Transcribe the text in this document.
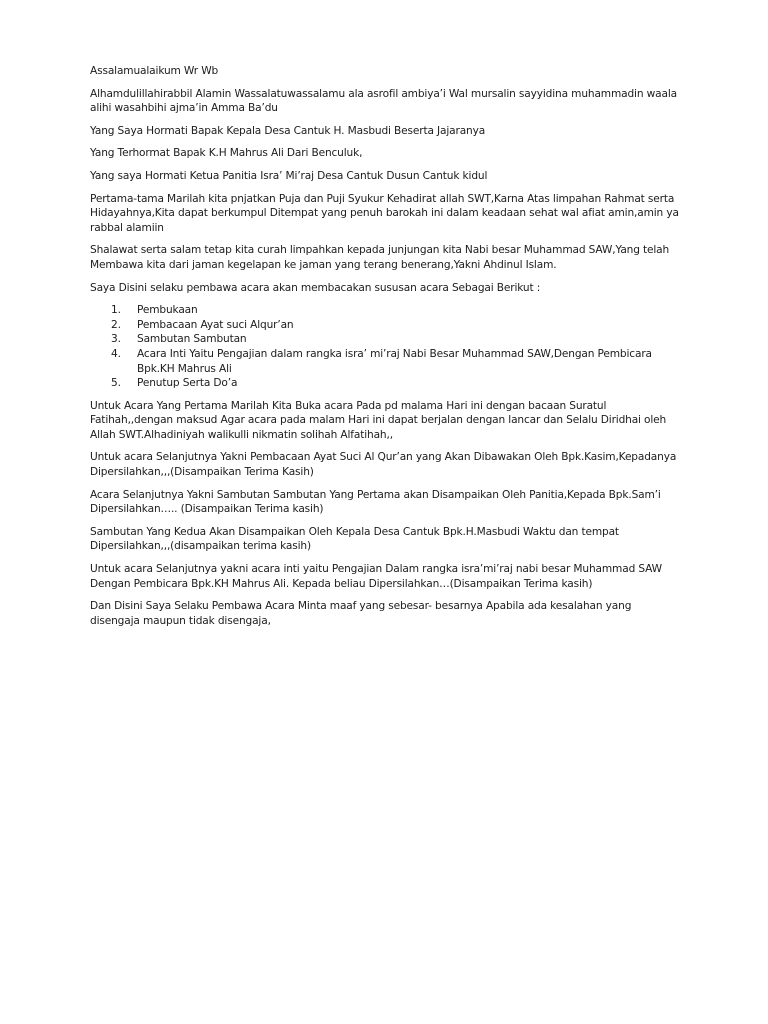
Assalamualaikum Wr Wb

Alhamdulillahirabbil Alamin Wassalatuwassalamu ala asrofil ambiya’i Wal mursalin sayyidina muhammadin waala alihi wasahbihi ajma’in Amma Ba’du

Yang Saya Hormati Bapak Kepala Desa Cantuk H. Masbudi Beserta Jajaranya

Yang Terhormat Bapak K.H Mahrus Ali Dari Benculuk,

Yang saya Hormati Ketua Panitia Isra’ Mi’raj Desa Cantuk Dusun Cantuk kidul

Pertama-tama Marilah kita pnjatkan Puja dan Puji Syukur Kehadirat allah SWT,Karna Atas limpahan Rahmat serta Hidayahnya,Kita dapat berkumpul Ditempat yang penuh barokah ini dalam keadaan sehat wal afiat amin,amin ya rabbal alamiin

Shalawat serta salam tetap kita curah limpahkan kepada junjungan kita Nabi besar Muhammad SAW,Yang telah Membawa kita dari jaman kegelapan ke jaman yang terang benerang,Yakni Ahdinul Islam.

Saya Disini selaku pembawa acara akan membacakan sususan acara Sebagai Berikut :

1.	Pembukaan
2.	Pembacaan Ayat suci Alqur’an
3.	Sambutan Sambutan
4.	Acara Inti Yaitu Pengajian dalam rangka isra’ mi’raj Nabi Besar Muhammad SAW,Dengan Pembicara Bpk.KH Mahrus Ali
5.	Penutup Serta Do’a

Untuk Acara Yang Pertama Marilah Kita Buka acara Pada pd malama Hari ini dengan bacaan Suratul Fatihah,,dengan maksud Agar acara pada malam Hari ini dapat berjalan dengan lancar dan Selalu Diridhai oleh Allah SWT.Alhadiniyah walikulli nikmatin solihah Alfatihah,,

Untuk acara Selanjutnya Yakni Pembacaan Ayat Suci Al Qur’an yang Akan Dibawakan Oleh Bpk.Kasim,Kepadanya Dipersilahkan,,,(Disampaikan Terima Kasih)

Acara Selanjutnya Yakni Sambutan Sambutan Yang Pertama akan Disampaikan Oleh Panitia,Kepada Bpk.Sam’i Dipersilahkan….. (Disampaikan Terima kasih)

Sambutan Yang Kedua Akan Disampaikan Oleh Kepala Desa Cantuk Bpk.H.Masbudi Waktu dan tempat Dipersilahkan,,,(disampaikan terima kasih)

Untuk acara Selanjutnya yakni acara inti yaitu Pengajian Dalam rangka isra’mi’raj nabi besar Muhammad SAW Dengan Pembicara Bpk.KH Mahrus Ali. Kepada beliau Dipersilahkan…(Disampaikan Terima kasih)

Dan Disini Saya Selaku Pembawa Acara Minta maaf yang sebesar- besarnya Apabila ada kesalahan yang disengaja maupun tidak disengaja,
